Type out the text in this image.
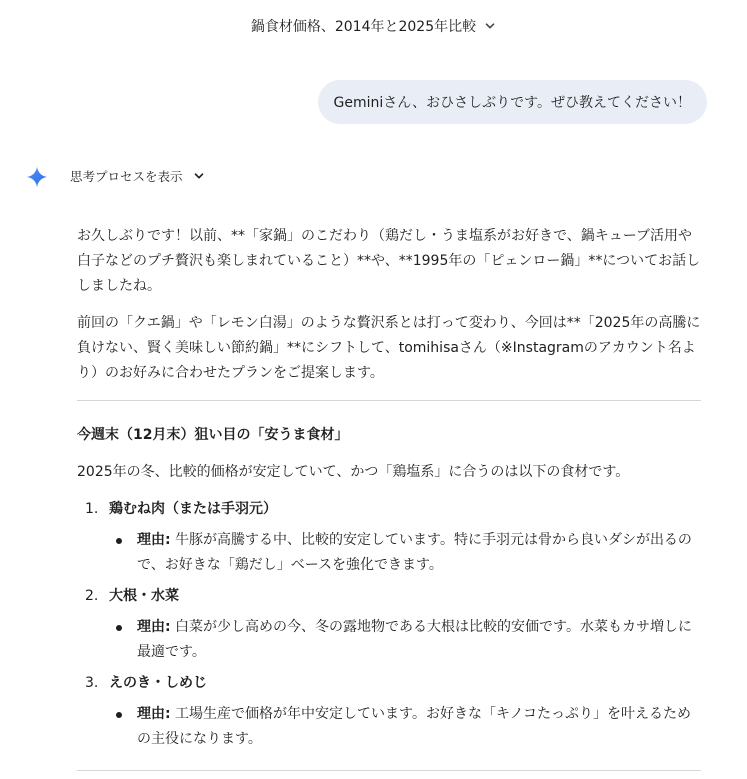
鍋食材価格、2014年と2025年比較
Geminiさん、おひさしぶりです。ぜひ教えてください！
思考プロセスを表示

お久しぶりです！以前、**「家鍋」のこだわり（鶏だし・うま塩系がお好きで、鍋キューブ活用や白子などのプチ贅沢も楽しまれていること）**や、**1995年の「ピェンロー鍋」**についてお話ししましたね。

前回の「クエ鍋」や「レモン白湯」のような贅沢系とは打って変わり、今回は**「2025年の高騰に負けない、賢く美味しい節約鍋」**にシフトして、tomihisaさん（※Instagramのアカウント名より）のお好みに合わせたプランをご提案します。

今週末（12月末）狙い目の「安うま食材」

2025年の冬、比較的価格が安定していて、かつ「鶏塩系」に合うのは以下の食材です。

1. 鶏むね肉（または手羽元）
理由: 牛豚が高騰する中、比較的安定しています。特に手羽元は骨から良いダシが出るので、お好きな「鶏だし」ベースを強化できます。
2. 大根・水菜
理由: 白菜が少し高めの今、冬の露地物である大根は比較的安価です。水菜もカサ増しに最適です。
3. えのき・しめじ
理由: 工場生産で価格が年中安定しています。お好きな「キノコたっぷり」を叶えるための主役になります。
